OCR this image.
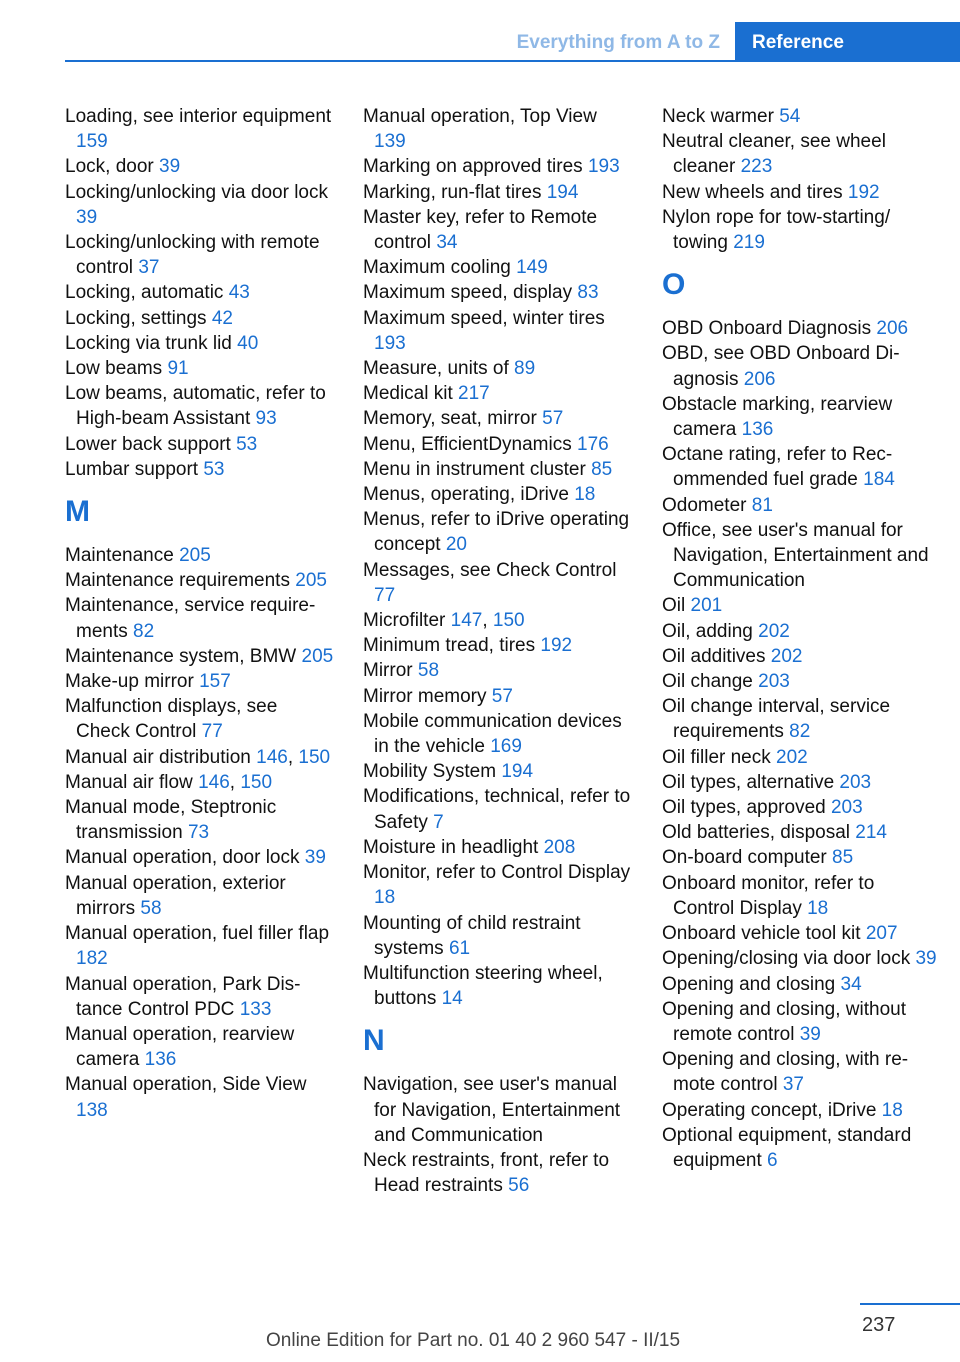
Everything from A to Z	Reference
Loading, see interior equipment 159
Lock, door 39
Locking/unlocking via door lock 39
Locking/unlocking with remote control 37
Locking, automatic 43
Locking, settings 42
Locking via trunk lid 40
Low beams 91
Low beams, automatic, refer to High-beam Assistant 93
Lower back support 53
Lumbar support 53
M
Maintenance 205
Maintenance requirements 205
Maintenance, service requirements 82
Maintenance system, BMW 205
Make-up mirror 157
Malfunction displays, see Check Control 77
Manual air distribution 146, 150
Manual air flow 146, 150
Manual mode, Steptronic transmission 73
Manual operation, door lock 39
Manual operation, exterior mirrors 58
Manual operation, fuel filler flap 182
Manual operation, Park Distance Control PDC 133
Manual operation, rearview camera 136
Manual operation, Side View 138
Manual operation, Top View 139
Marking on approved tires 193
Marking, run-flat tires 194
Master key, refer to Remote control 34
Maximum cooling 149
Maximum speed, display 83
Maximum speed, winter tires 193
Measure, units of 89
Medical kit 217
Memory, seat, mirror 57
Menu, EfficientDynamics 176
Menu in instrument cluster 85
Menus, operating, iDrive 18
Menus, refer to iDrive operating concept 20
Messages, see Check Control 77
Microfilter 147, 150
Minimum tread, tires 192
Mirror 58
Mirror memory 57
Mobile communication devices in the vehicle 169
Mobility System 194
Modifications, technical, refer to Safety 7
Moisture in headlight 208
Monitor, refer to Control Display 18
Mounting of child restraint systems 61
Multifunction steering wheel, buttons 14
N
Navigation, see user's manual for Navigation, Entertainment and Communication
Neck restraints, front, refer to Head restraints 56
Neck warmer 54
Neutral cleaner, see wheel cleaner 223
New wheels and tires 192
Nylon rope for tow-starting/ towing 219
O
OBD Onboard Diagnosis 206
OBD, see OBD Onboard Diagnosis 206
Obstacle marking, rearview camera 136
Octane rating, refer to Recommended fuel grade 184
Odometer 81
Office, see user's manual for Navigation, Entertainment and Communication
Oil 201
Oil, adding 202
Oil additives 202
Oil change 203
Oil change interval, service requirements 82
Oil filler neck 202
Oil types, alternative 203
Oil types, approved 203
Old batteries, disposal 214
On-board computer 85
Onboard monitor, refer to Control Display 18
Onboard vehicle tool kit 207
Opening/closing via door lock 39
Opening and closing 34
Opening and closing, without remote control 39
Opening and closing, with remote control 37
Operating concept, iDrive 18
Optional equipment, standard equipment 6
237
Online Edition for Part no. 01 40 2 960 547 - II/15
